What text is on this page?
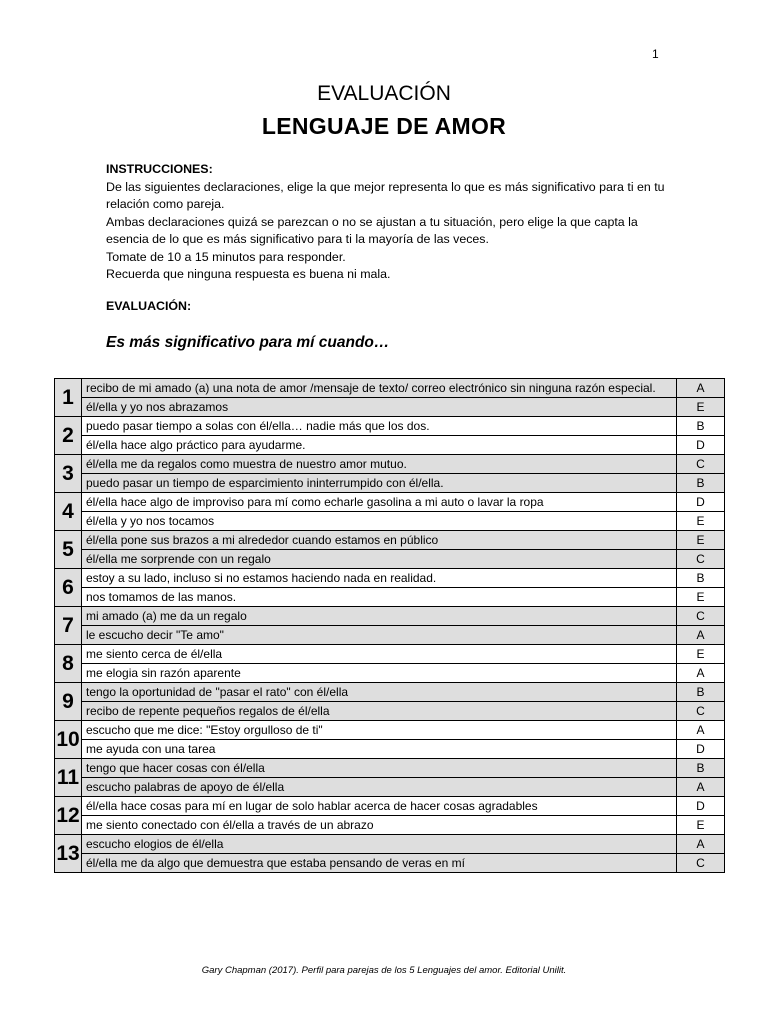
1
EVALUACIÓN
LENGUAJE DE AMOR

INSTRUCCIONES:

De las siguientes declaraciones, elige la que mejor representa lo que es más significativo para ti en tu relación como pareja.

Ambas declaraciones quizá se parezcan o no se ajustan a tu situación, pero elige la que capta la esencia de lo que es más significativo para ti la mayoría de las veces.

Tomate de 10 a 15 minutos para responder.

Recuerda que ninguna respuesta es buena ni mala.

EVALUACIÓN:
Es más significativo para mí cuando…
1	recibo de mi amado (a) una nota de amor /mensaje de texto/ correo electrónico sin ninguna razón especial.	A
	él/ella y yo nos abrazamos	E
2	puedo pasar tiempo a solas con él/ella… nadie más que los dos.	B
	él/ella hace algo práctico para ayudarme.	D
3	él/ella me da regalos como muestra de nuestro amor mutuo.	C
	puedo pasar un tiempo de esparcimiento ininterrumpido con él/ella.	B
4	él/ella hace algo de improviso para mí como echarle gasolina a mi auto o lavar la ropa	D
	él/ella y yo nos tocamos	E
5	él/ella pone sus brazos a mi alrededor cuando estamos en público	E
	él/ella me sorprende con un regalo	C
6	estoy a su lado, incluso si no estamos haciendo nada en realidad.	B
	nos tomamos de las manos.	E
7	mi amado (a) me da un regalo	C
	le escucho decir "Te amo"	A
8	me siento cerca de él/ella	E
	me elogia sin razón aparente	A
9	tengo la oportunidad de "pasar el rato" con él/ella	B
	recibo de repente pequeños regalos de él/ella	C
10	escucho que me dice: "Estoy orgulloso de ti"	A
	me ayuda con una tarea	D
11	tengo que hacer cosas con él/ella	B
	escucho palabras de apoyo de él/ella	A
12	él/ella hace cosas para mí en lugar de solo hablar acerca de hacer cosas agradables	D
	me siento conectado con él/ella a través de un abrazo	E
13	escucho elogios de él/ella	A
	él/ella me da algo que demuestra que estaba pensando de veras en mí	C
Gary Chapman (2017). Perfil para parejas de los 5 Lenguajes del amor. Editorial Unilit.
